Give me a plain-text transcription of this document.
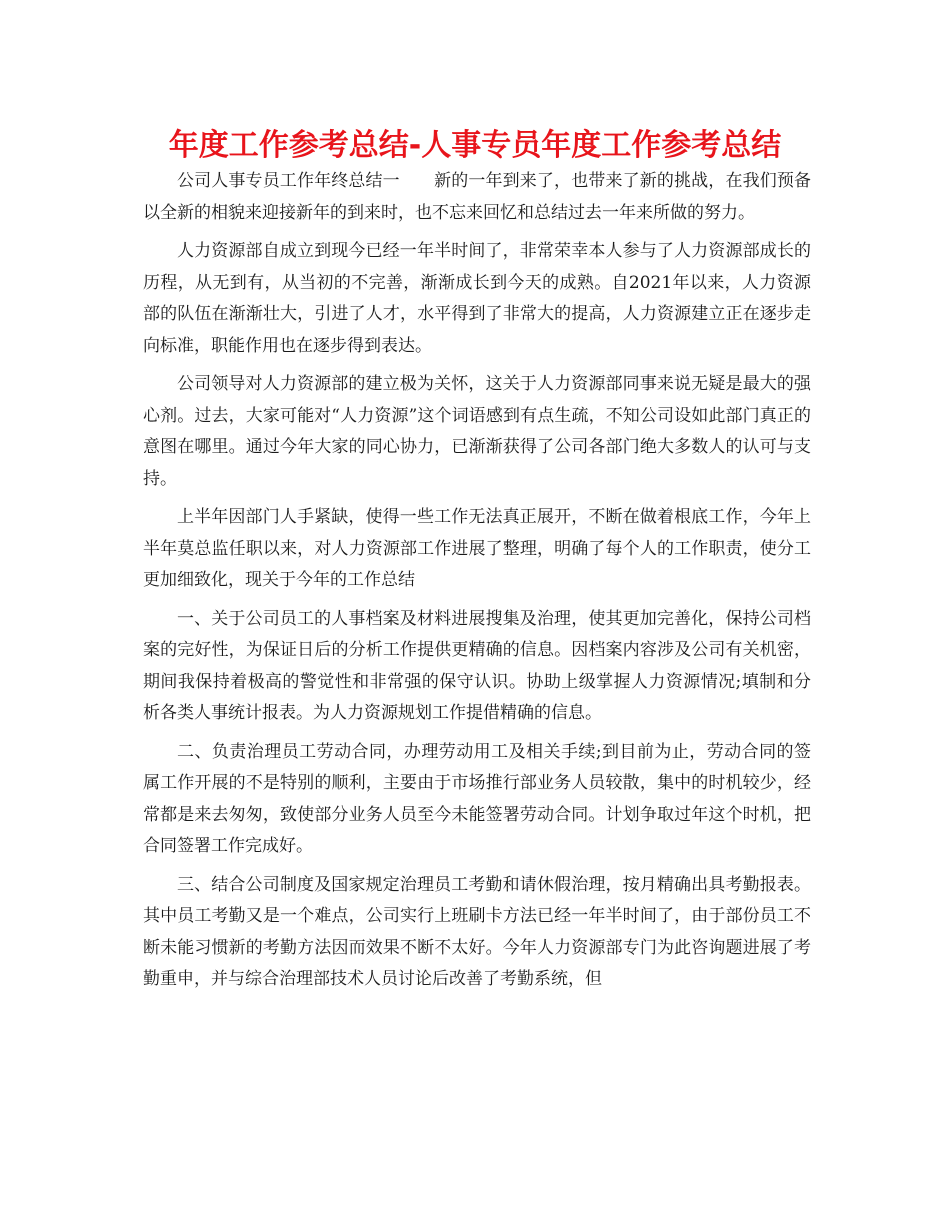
年度工作参考总结-人事专员年度工作参考总结

公司人事专员工作年终总结一　　新的一年到来了，也带来了新的挑战，在我们预备以全新的相貌来迎接新年的到来时，也不忘来回忆和总结过去一年来所做的努力。

人力资源部自成立到现今已经一年半时间了，非常荣幸本人参与了人力资源部成长的历程，从无到有，从当初的不完善，渐渐成长到今天的成熟。自2021年以来，人力资源部的队伍在渐渐壮大，引进了人才，水平得到了非常大的提高，人力资源建立正在逐步走向标准，职能作用也在逐步得到表达。

公司领导对人力资源部的建立极为关怀，这关于人力资源部同事来说无疑是最大的强心剂。过去，大家可能对“人力资源”这个词语感到有点生疏，不知公司设如此部门真正的意图在哪里。通过今年大家的同心协力，已渐渐获得了公司各部门绝大多数人的认可与支持。

上半年因部门人手紧缺，使得一些工作无法真正展开，不断在做着根底工作，今年上半年莫总监任职以来，对人力资源部工作进展了整理，明确了每个人的工作职责，使分工更加细致化，现关于今年的工作总结

一、关于公司员工的人事档案及材料进展搜集及治理，使其更加完善化，保持公司档案的完好性，为保证日后的分析工作提供更精确的信息。因档案内容涉及公司有关机密，期间我保持着极高的警觉性和非常强的保守认识。协助上级掌握人力资源情况;填制和分析各类人事统计报表。为人力资源规划工作提借精确的信息。

二、负责治理员工劳动合同，办理劳动用工及相关手续;到目前为止，劳动合同的签属工作开展的不是特别的顺利，主要由于市场推行部业务人员较散，集中的时机较少，经常都是来去匆匆，致使部分业务人员至今未能签署劳动合同。计划争取过年这个时机，把合同签署工作完成好。

三、结合公司制度及国家规定治理员工考勤和请休假治理，按月精确出具考勤报表。其中员工考勤又是一个难点，公司实行上班刷卡方法已经一年半时间了，由于部份员工不断未能习惯新的考勤方法因而效果不断不太好。今年人力资源部专门为此咨询题进展了考勤重申，并与综合治理部技术人员讨论后改善了考勤系统，但
